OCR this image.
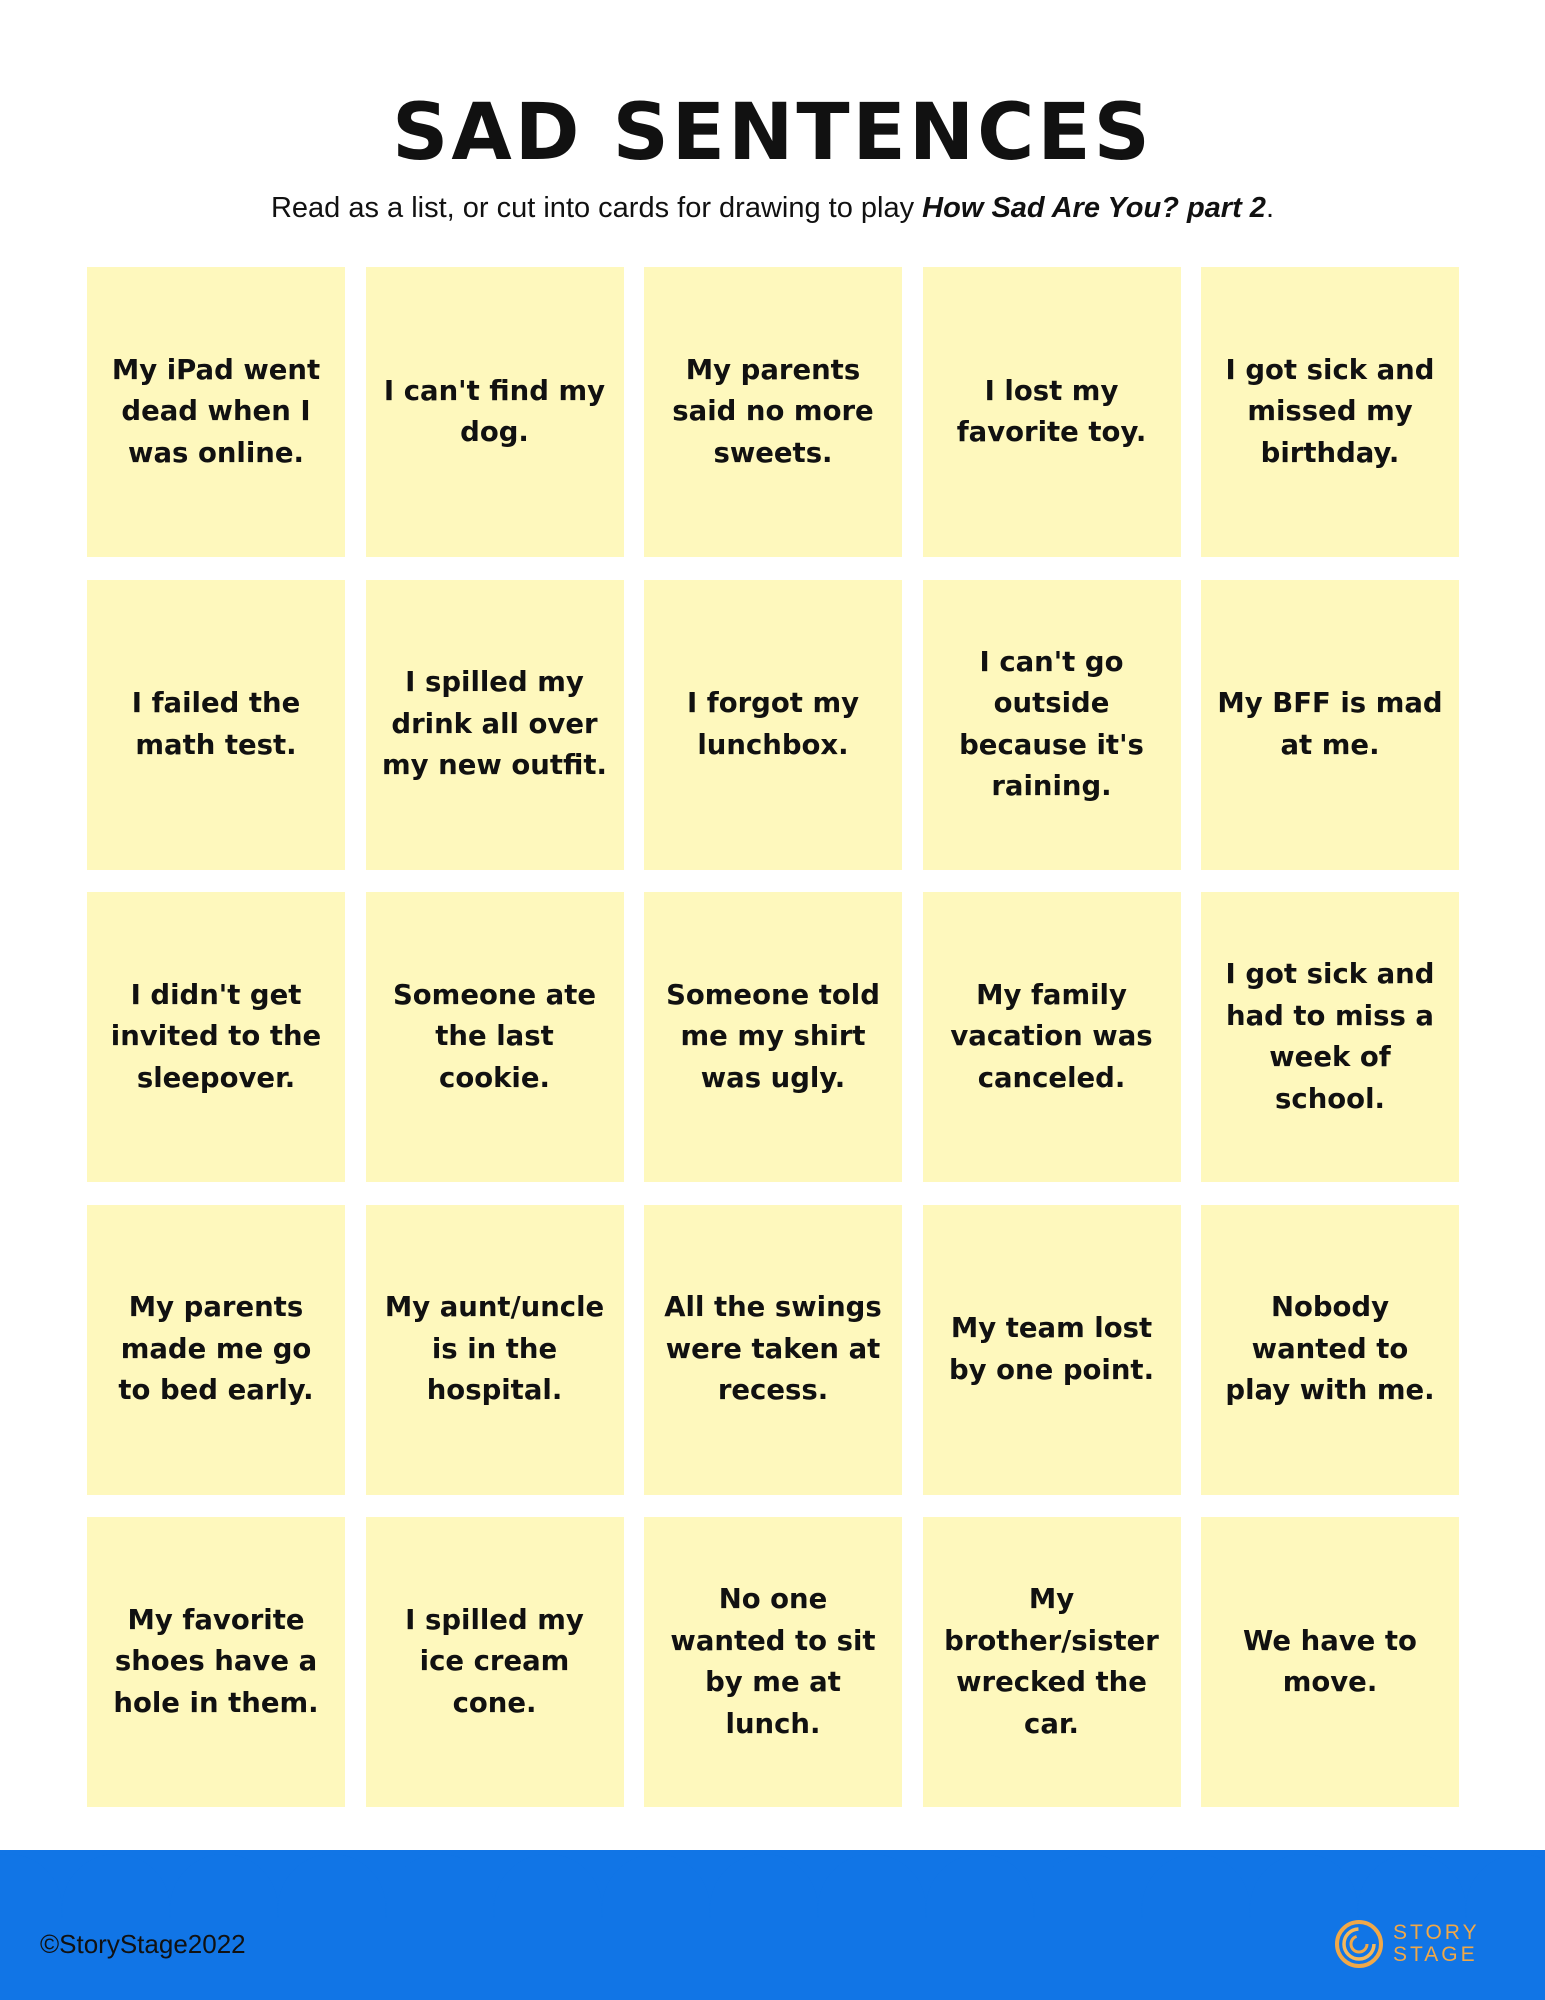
SAD SENTENCES
Read as a list, or cut into cards for drawing to play How Sad Are You? part 2.
My iPad went dead when I was online.
I can't find my dog.
My parents said no more sweets.
I lost my favorite toy.
I got sick and missed my birthday.
I failed the math test.
I spilled my drink all over my new outfit.
I forgot my lunchbox.
I can't go outside because it's raining.
My BFF is mad at me.
I didn't get invited to the sleepover.
Someone ate the last cookie.
Someone told me my shirt was ugly.
My family vacation was canceled.
I got sick and had to miss a week of school.
My parents made me go to bed early.
My aunt/uncle is in the hospital.
All the swings were taken at recess.
My team lost by one point.
Nobody wanted to play with me.
My favorite shoes have a hole in them.
I spilled my ice cream cone.
No one wanted to sit by me at lunch.
My brother/sister wrecked the car.
We have to move.
©StoryStage2022	STORY
STAGE
